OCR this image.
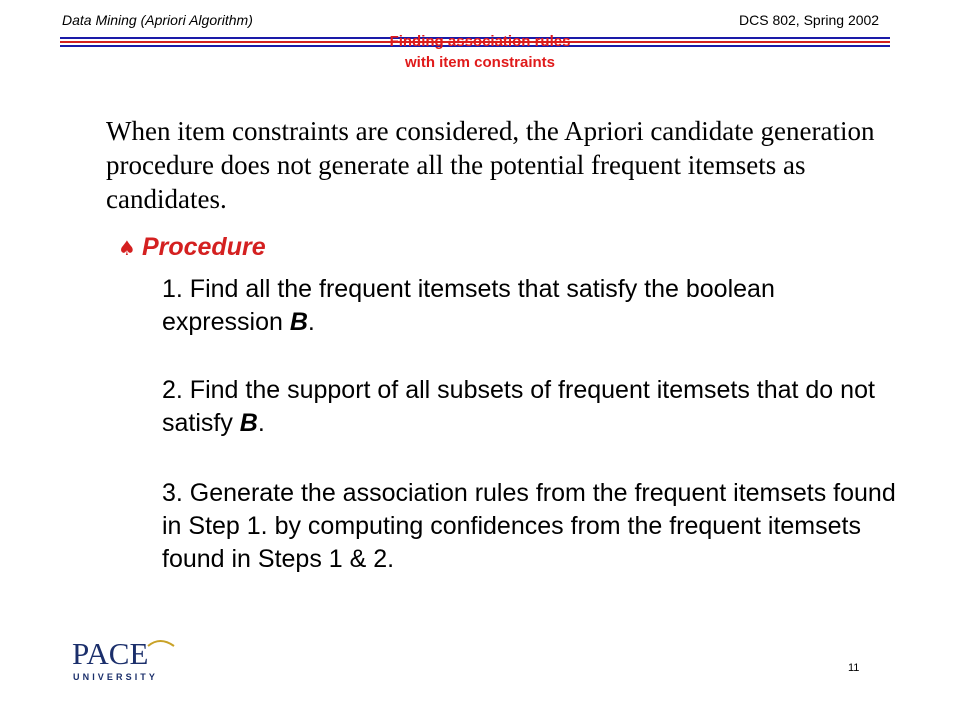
Data Mining (Apriori Algorithm)	DCS 802, Spring 2002
Finding association rules
with item constraints
When item constraints are considered, the Apriori candidate generation procedure does not generate all the potential frequent itemsets as candidates.
♠ Procedure
1. Find all the frequent itemsets that satisfy the boolean expression B.
2. Find the support of all subsets of frequent itemsets that do not satisfy B.
3. Generate the association rules from the frequent itemsets found in Step 1. by computing confidences from the frequent itemsets found in Steps 1 & 2.
PACE
UNIVERSITY
11
